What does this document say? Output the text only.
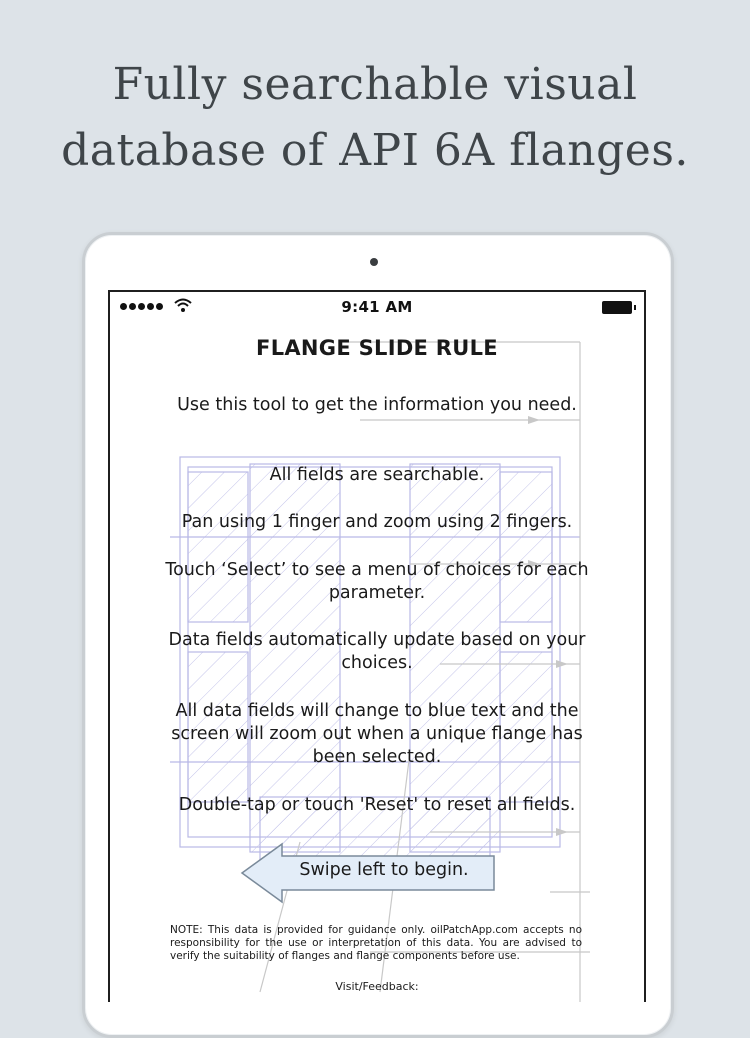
Fully searchable visual
database of API 6A flanges.
9:41 AM
FLANGE SLIDE RULE
Use this tool to get the information you need.
All fields are searchable.
Pan using 1 finger and zoom using 2 fingers.
Touch ‘Select’ to see a menu of choices for each parameter.
Data fields automatically update based on your choices.
All data fields will change to blue text and the screen will zoom out when a unique flange has been selected.
Double-tap or touch 'Reset' to reset all fields.
Swipe left to begin.
NOTE: This data is provided for guidance only. oilPatchApp.com accepts no responsibility for the use or interpretation of this data. You are advised to verify the suitability of flanges and flange components before use.
Visit/Feedback:
